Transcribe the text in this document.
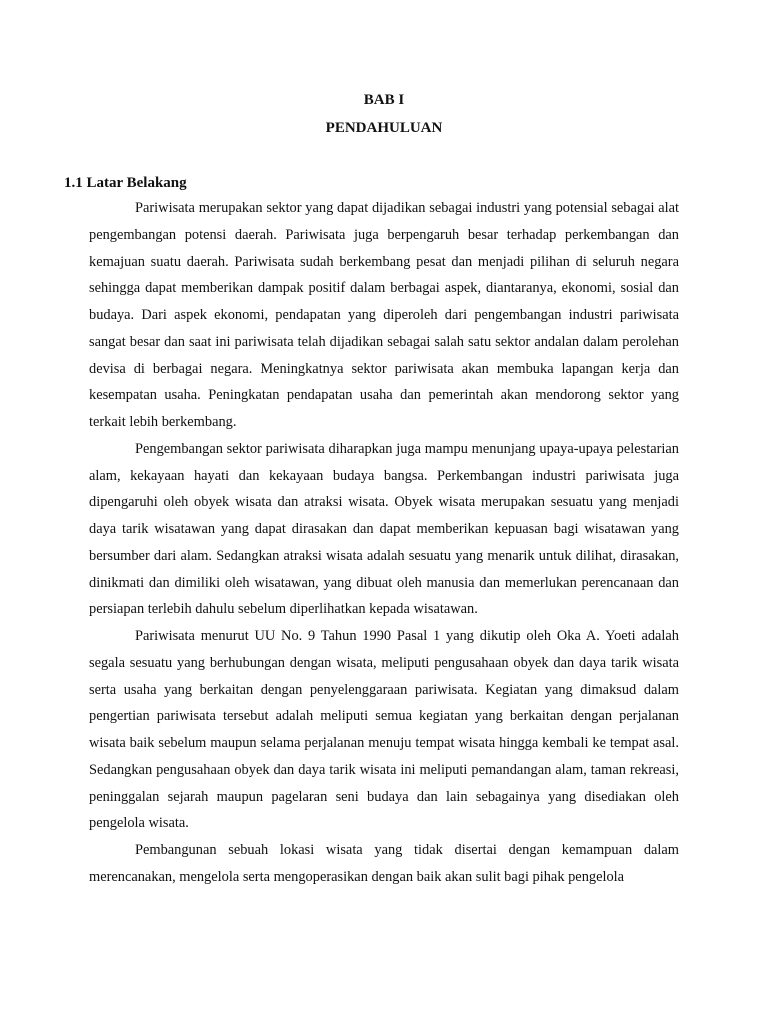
BAB I
PENDAHULUAN
1.1 Latar Belakang

Pariwisata merupakan sektor yang dapat dijadikan sebagai industri yang potensial sebagai alat pengembangan potensi daerah. Pariwisata juga berpengaruh besar terhadap perkembangan dan kemajuan suatu daerah. Pariwisata sudah berkembang pesat dan menjadi pilihan di seluruh negara sehingga dapat memberikan dampak positif dalam berbagai aspek, diantaranya, ekonomi, sosial dan budaya. Dari aspek ekonomi, pendapatan yang diperoleh dari pengembangan industri pariwisata sangat besar dan saat ini pariwisata telah dijadikan sebagai salah satu sektor andalan dalam perolehan devisa di berbagai negara. Meningkatnya sektor pariwisata akan membuka lapangan kerja dan kesempatan usaha. Peningkatan pendapatan usaha dan pemerintah akan mendorong sektor yang terkait lebih berkembang.

Pengembangan sektor pariwisata diharapkan juga mampu menunjang upaya-upaya pelestarian alam, kekayaan hayati dan kekayaan budaya bangsa. Perkembangan industri pariwisata juga dipengaruhi oleh obyek wisata dan atraksi wisata. Obyek wisata merupakan sesuatu yang menjadi daya tarik wisatawan yang dapat dirasakan dan dapat memberikan kepuasan bagi wisatawan yang bersumber dari alam. Sedangkan atraksi wisata adalah sesuatu yang menarik untuk dilihat, dirasakan, dinikmati dan dimiliki oleh wisatawan, yang dibuat oleh manusia dan memerlukan perencanaan dan persiapan terlebih dahulu sebelum diperlihatkan kepada wisatawan.

Pariwisata menurut UU No. 9 Tahun 1990 Pasal 1 yang dikutip oleh Oka A. Yoeti adalah segala sesuatu yang berhubungan dengan wisata, meliputi pengusahaan obyek dan daya tarik wisata serta usaha yang berkaitan dengan penyelenggaraan pariwisata. Kegiatan yang dimaksud dalam pengertian pariwisata tersebut adalah meliputi semua kegiatan yang berkaitan dengan perjalanan wisata baik sebelum maupun selama perjalanan menuju tempat wisata hingga kembali ke tempat asal. Sedangkan pengusahaan obyek dan daya tarik wisata ini meliputi pemandangan alam, taman rekreasi, peninggalan sejarah maupun pagelaran seni budaya dan lain sebagainya yang disediakan oleh pengelola wisata.

Pembangunan sebuah lokasi wisata yang tidak disertai dengan kemampuan dalam merencanakan, mengelola serta mengoperasikan dengan baik akan sulit bagi pihak pengelola
